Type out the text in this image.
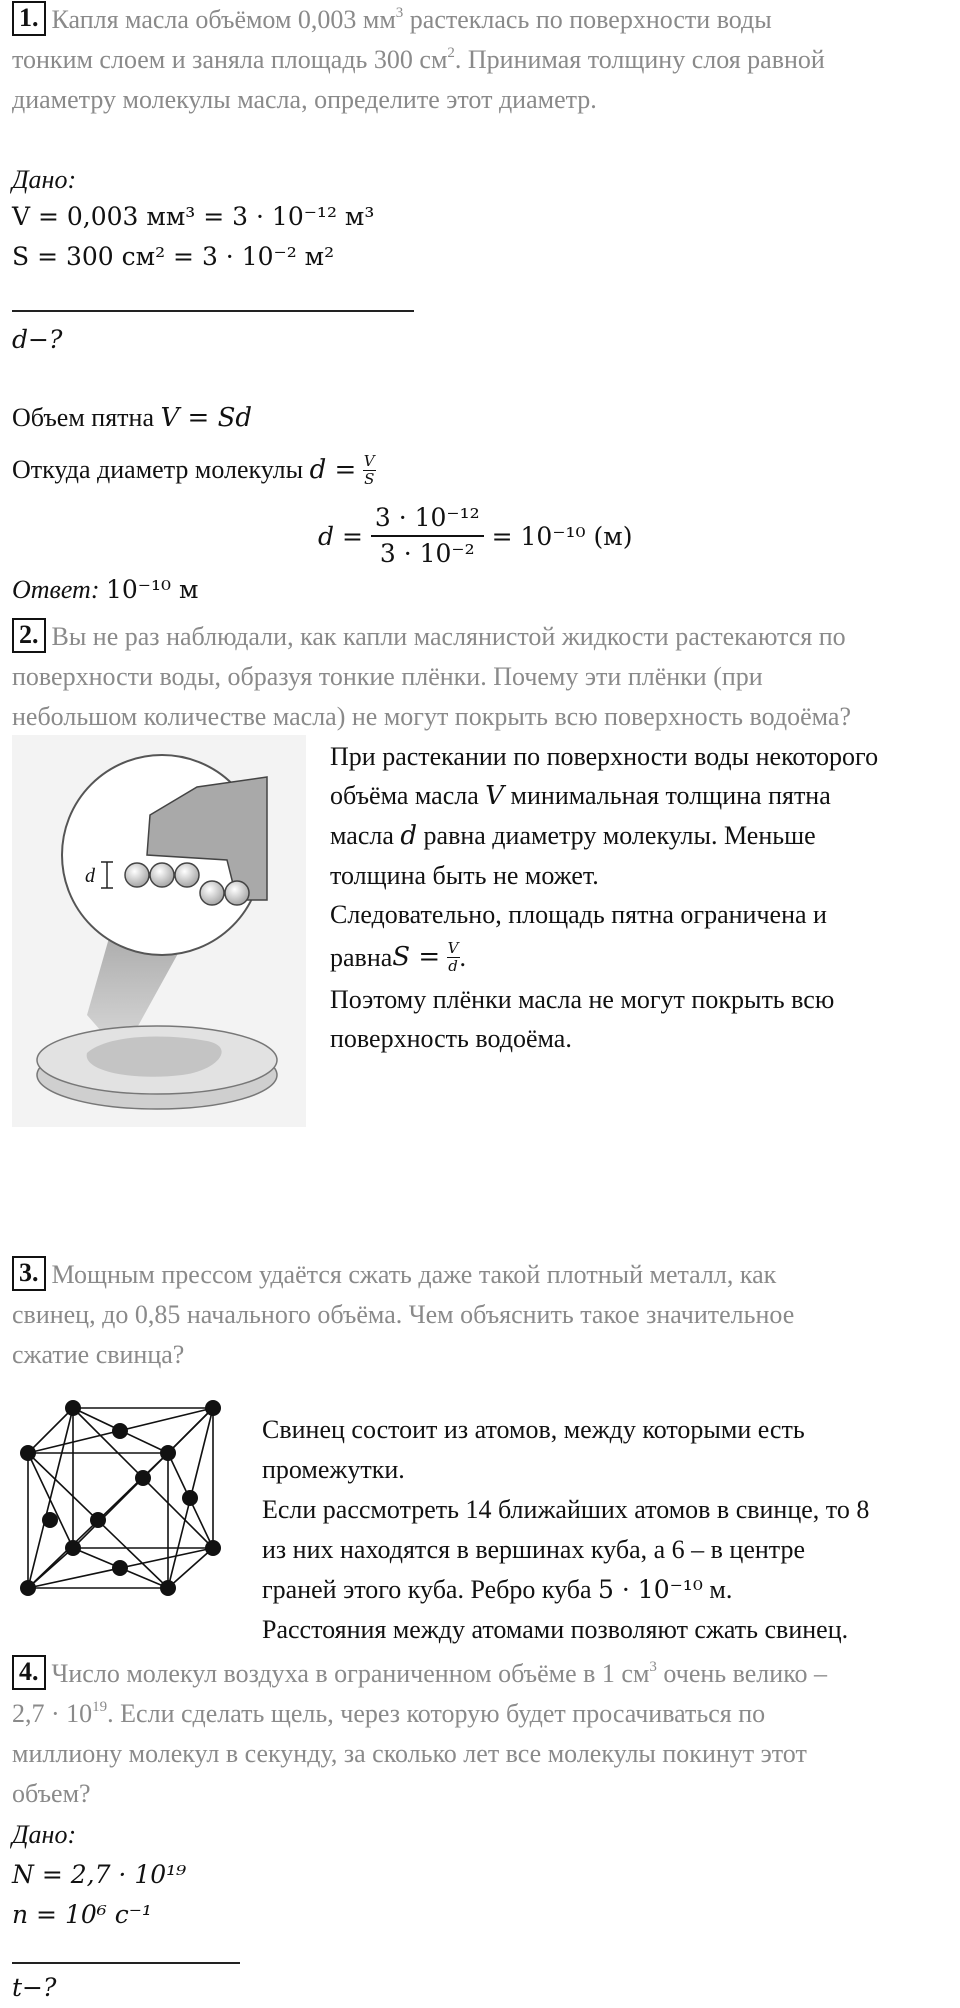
1. Капля масла объёмом 0,003 $мм^3$ растеклась по поверхности воды

тонким слоем и заняла площадь 300 $см^2$. Принимая толщину слоя равной

диаметру молекулы масла, определите этот диаметр.

Дано:
V = 0,003 мм³ = 3 · 10⁻¹² м³
S = 300 см² = 3 · 10⁻² м²
d−?
Объем пятна V = Sd
Откуда диаметр молекулы
d =
$\frac{V}{S}$
d =
$\frac{\text{3 · 10⁻¹²}}{\text{3 · 10⁻²}}$
= 10⁻¹⁰ (м)
Ответ: 10⁻¹⁰ м

2. Вы не раз наблюдали, как капли маслянистой жидкости растекаются по

поверхности воды, образуя тонкие плёнки. Почему эти плёнки (при

небольшом количестве масла) не могут покрыть всю поверхность водоёма?

d

При растекании по поверхности воды некоторого

объёма масла V минимальная толщина пятна

масла d равна диаметру молекулы. Меньше

толщина быть не может.

Следовательно, площадь пятна ограничена и

равна S =
$\frac{V}{d}$ .

Поэтому плёнки масла не могут покрыть всю

поверхность водоёма.

3. Мощным прессом удаётся сжать даже такой плотный металл, как

свинец, до 0,85 начального объёма. Чем объяснить такое значительное

сжатие свинца?

Свинец состоит из атомов, между которыми есть

промежутки.

Если рассмотреть 14 ближайших атомов в свинце, то 8

из них находятся в вершинах куба, а 6 – в центре

граней этого куба. Ребро куба 5 · 10⁻¹⁰ м.

Расстояния между атомами позволяют сжать свинец.

4. Число молекул воздуха в ограниченном объёме в 1 $см^3$ очень велико –

$2,7 \cdot 10^{19}$. Если сделать щель, через которую будет просачиваться по

миллиону молекул в секунду, за сколько лет все молекулы покинут этот

объем?

Дано:
N = 2,7 · 10¹⁹
n = 10⁶ c⁻¹
t−?
